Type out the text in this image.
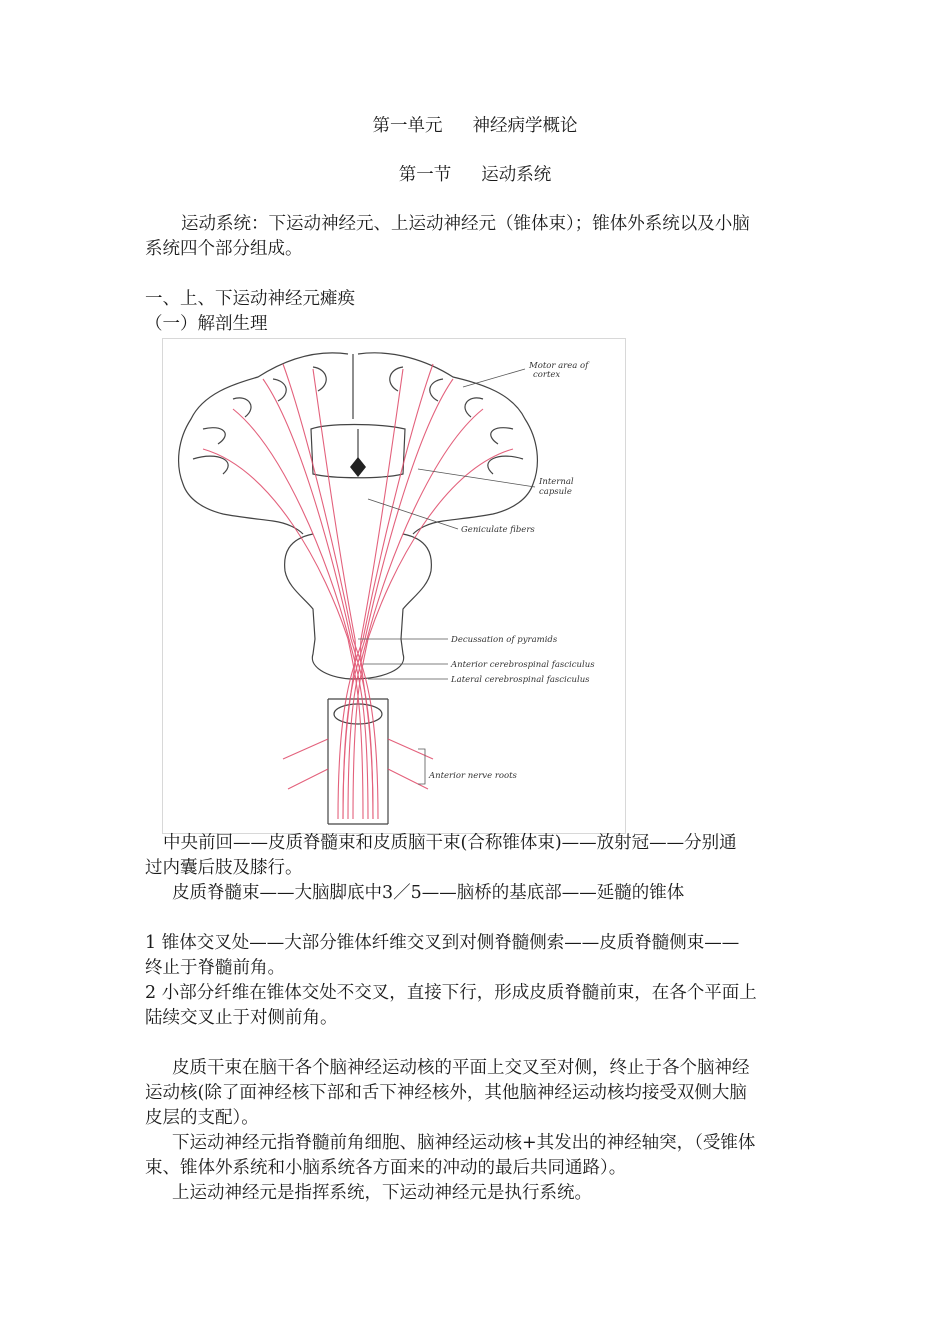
第一单元 神经病学概论
第一节 运动系统

运动系统：下运动神经元、上运动神经元（锥体束）；锥体外系统以及小脑

系统四个部分组成。

一、上、下运动神经元瘫痪

（一）解剖生理

Motor area of
cortex
Internal
capsule
Geniculate fibers
Decussation of pyramids
Anterior cerebrospinal fasciculus
Lateral cerebrospinal fasciculus
Anterior nerve roots

中央前回——皮质脊髓束和皮质脑干束(合称锥体束)——放射冠——分别通

过内囊后肢及膝行。

皮质脊髓束——大脑脚底中3／5——脑桥的基底部——延髓的锥体

1 锥体交叉处——大部分锥体纤维交叉到对侧脊髓侧索——皮质脊髓侧束——

终止于脊髓前角。

2 小部分纤维在锥体交处不交叉，直接下行，形成皮质脊髓前束，在各个平面上

陆续交叉止于对侧前角。

皮质干束在脑干各个脑神经运动核的平面上交叉至对侧，终止于各个脑神经

运动核(除了面神经核下部和舌下神经核外，其他脑神经运动核均接受双侧大脑

皮层的支配）。

下运动神经元指脊髓前角细胞、脑神经运动核+其发出的神经轴突，（受锥体

束、锥体外系统和小脑系统各方面来的冲动的最后共同通路）。

上运动神经元是指挥系统，下运动神经元是执行系统。
